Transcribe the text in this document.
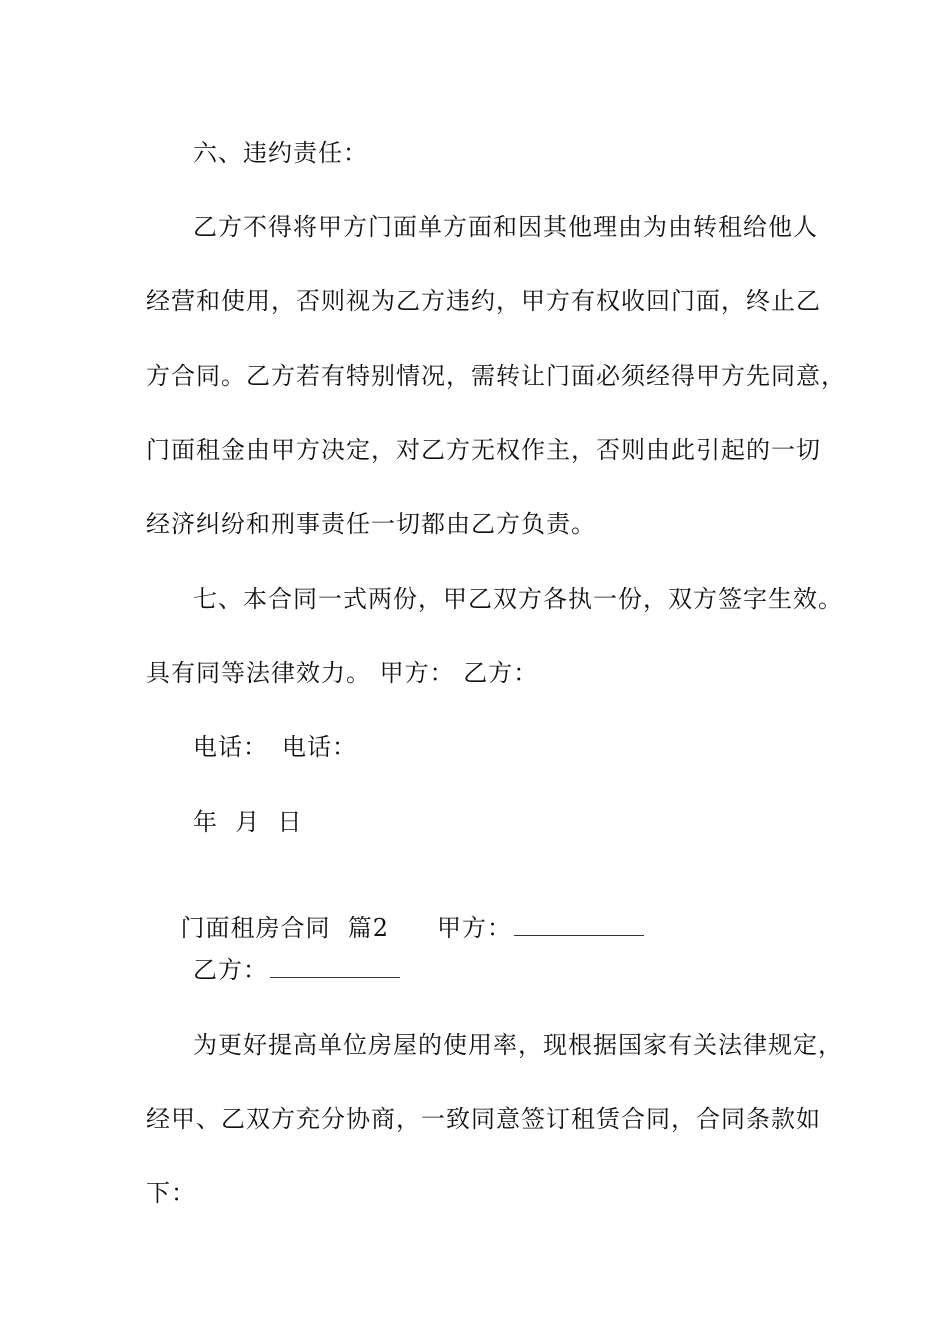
六、违约责任：
乙方不得将甲方门面单方面和因其他理由为由转租给他人
经营和使用，否则视为乙方违约，甲方有权收回门面，终止乙
方合同。乙方若有特别情况，需转让门面必须经得甲方先同意，
门面租金由甲方决定，对乙方无权作主，否则由此引起的一切
经济纠纷和刑事责任一切都由乙方负责。
七、本合同一式两份，甲乙双方各执一份，双方签字生效。
具有同等法律效力。 甲方： 乙方：
电话： 电话：
年  月  日

门面租房合同  篇2 甲方：

乙方：
为更好提高单位房屋的使用率，现根据国家有关法律规定，
经甲、乙双方充分协商，一致同意签订租赁合同，合同条款如
下：
